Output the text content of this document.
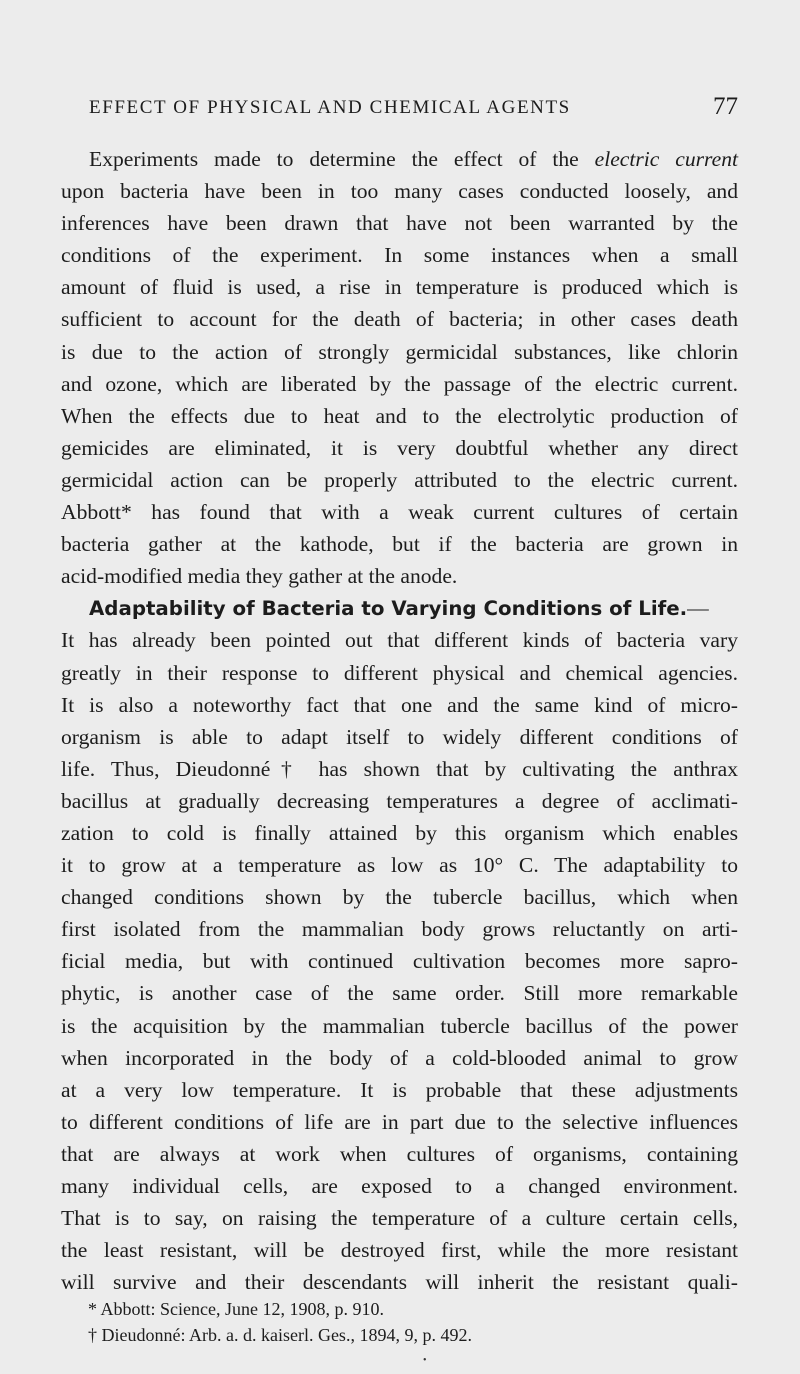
EFFECT OF PHYSICAL AND CHEMICAL AGENTS	77
Experiments made to determine the effect of the electric current
upon bacteria have been in too many cases conducted loosely, and
inferences have been drawn that have not been warranted by the
conditions of the experiment. In some instances when a small
amount of fluid is used, a rise in temperature is produced which is
sufficient to account for the death of bacteria; in other cases death
is due to the action of strongly germicidal substances, like chlorin
and ozone, which are liberated by the passage of the electric current.
When the effects due to heat and to the electrolytic production of
gemicides are eliminated, it is very doubtful whether any direct
germicidal action can be properly attributed to the electric current.
Abbott* has found that with a weak current cultures of certain
bacteria gather at the kathode, but if the bacteria are grown in
acid-modified media they gather at the anode.
Adaptability of Bacteria to Varying Conditions of Life.—
It has already been pointed out that different kinds of bacteria vary
greatly in their response to different physical and chemical agencies.
It is also a noteworthy fact that one and the same kind of micro-
organism is able to adapt itself to widely different conditions of
life. Thus, Dieudonné† has shown that by cultivating the anthrax
bacillus at gradually decreasing temperatures a degree of acclimati-
zation to cold is finally attained by this organism which enables
it to grow at a temperature as low as 10° C. The adaptability to
changed conditions shown by the tubercle bacillus, which when
first isolated from the mammalian body grows reluctantly on arti-
ficial media, but with continued cultivation becomes more sapro-
phytic, is another case of the same order. Still more remarkable
is the acquisition by the mammalian tubercle bacillus of the power
when incorporated in the body of a cold-blooded animal to grow
at a very low temperature. It is probable that these adjustments
to different conditions of life are in part due to the selective influences
that are always at work when cultures of organisms, containing
many individual cells, are exposed to a changed environment.
That is to say, on raising the temperature of a culture certain cells,
the least resistant, will be destroyed first, while the more resistant
will survive and their descendants will inherit the resistant quali-
* Abbott: Science, June 12, 1908, p. 910.
† Dieudonné: Arb. a. d. kaiserl. Ges., 1894, 9, p. 492.
•
